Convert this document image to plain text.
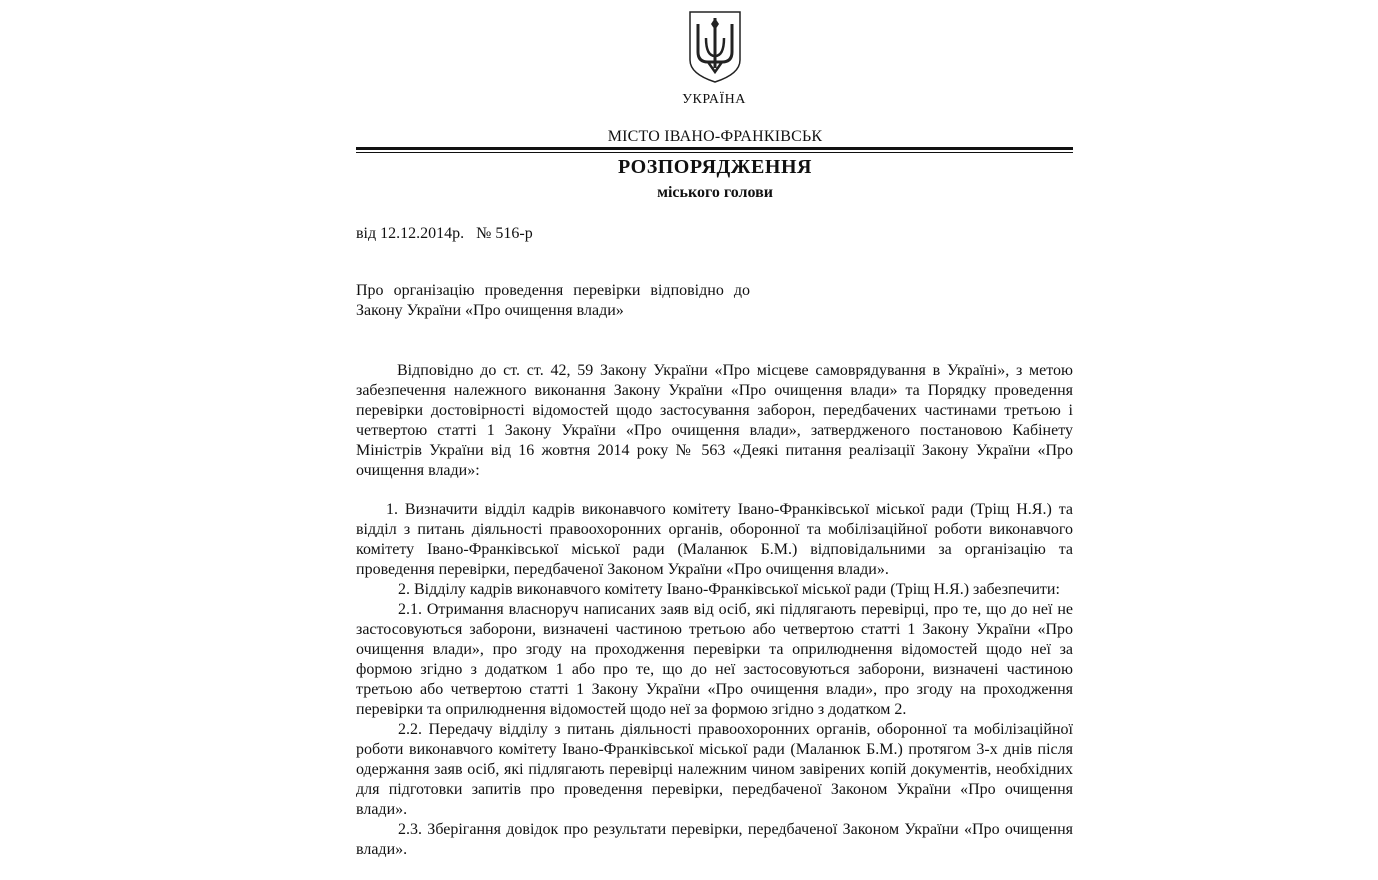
УКРАЇНА
МІСТО ІВАНО-ФРАНКІВСЬК
РОЗПОРЯДЖЕННЯ
міського голови
від 12.12.2014р. № 516-р
Про організацію проведення перевірки відповідно до
Закону України «Про очищення влади»

Відповідно до ст. ст. 42, 59 Закону України «Про місцеве самоврядування в Україні», з метою забезпечення належного виконання Закону України «Про очищення влади» та Порядку проведення перевірки достовірності відомостей щодо застосування заборон, передбачених частинами третьою і четвертою статті 1 Закону України «Про очищення влади», затвердженого постановою Кабінету Міністрів України від 16 жовтня 2014 року № 563 «Деякі питання реалізації Закону України «Про очищення влади»:

1. Визначити відділ кадрів виконавчого комітету Івано-Франківської міської ради (Тріщ Н.Я.) та відділ з питань діяльності правоохоронних органів, оборонної та мобілізаційної роботи виконавчого комітету Івано-Франківської міської ради (Маланюк Б.М.) відповідальними за організацію та проведення перевірки, передбаченої Законом України «Про очищення влади».

2. Відділу кадрів виконавчого комітету Івано-Франківської міської ради (Тріщ Н.Я.) забезпечити:

2.1. Отримання власноруч написаних заяв від осіб, які підлягають перевірці, про те, що до неї не застосовуються заборони, визначені частиною третьою або четвертою статті 1 Закону України «Про очищення влади», про згоду на проходження перевірки та оприлюднення відомостей щодо неї за формою згідно з додатком 1 або про те, що до неї застосовуються заборони, визначені частиною третьою або четвертою статті 1 Закону України «Про очищення влади», про згоду на проходження перевірки та оприлюднення відомостей щодо неї за формою згідно з додатком 2.

2.2. Передачу відділу з питань діяльності правоохоронних органів, оборонної та мобілізаційної роботи виконавчого комітету Івано-Франківської міської ради (Маланюк Б.М.) протягом 3-х днів після одержання заяв осіб, які підлягають перевірці належним чином завірених копій документів, необхідних для підготовки запитів про проведення перевірки, передбаченої Законом України «Про очищення влади».

2.3. Зберігання довідок про результати перевірки, передбаченої Законом України «Про очищення влади».
